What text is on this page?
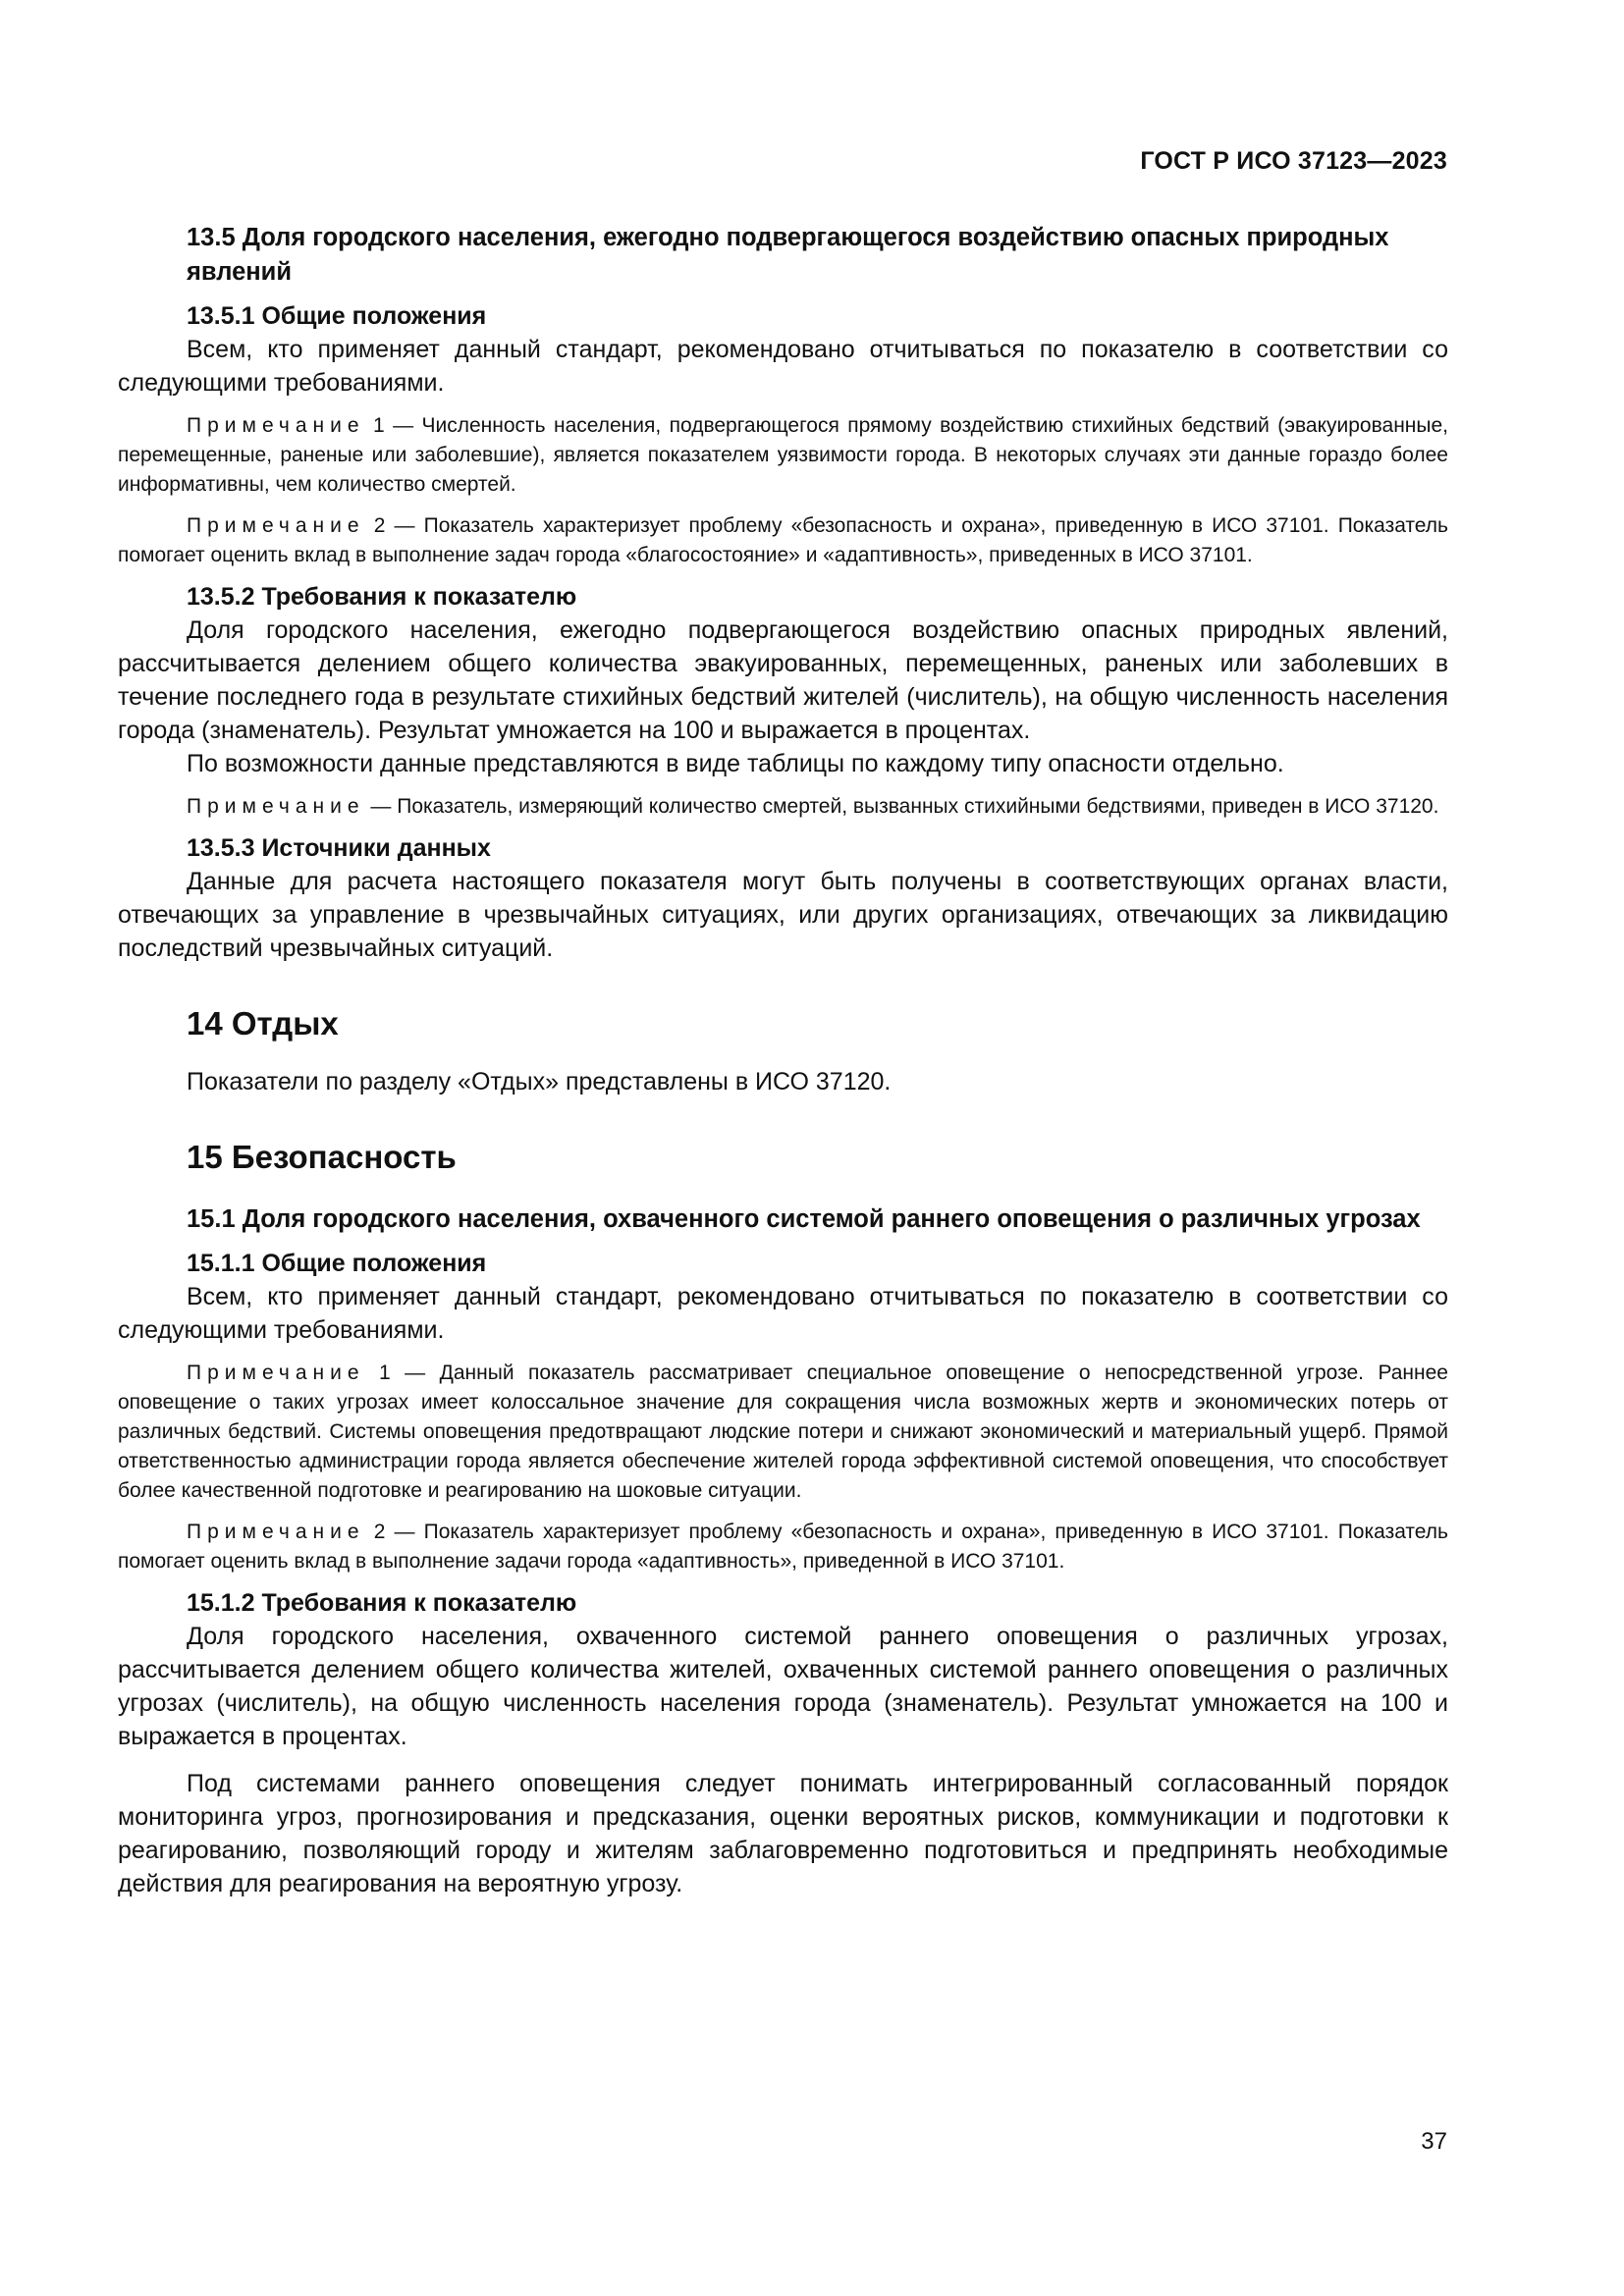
ГОСТ Р ИСО 37123—2023
13.5 Доля городского населения, ежегодно подвергающегося воздействию опасных природных явлений
13.5.1 Общие положения

Всем, кто применяет данный стандарт, рекомендовано отчитываться по показателю в соответствии со следующими требованиями.

Примечание 1 — Численность населения, подвергающегося прямому воздействию стихийных бедствий (эвакуированные, перемещенные, раненые или заболевшие), является показателем уязвимости города. В некоторых случаях эти данные гораздо более информативны, чем количество смертей.

Примечание 2 — Показатель характеризует проблему «безопасность и охрана», приведенную в ИСО 37101. Показатель помогает оценить вклад в выполнение задач города «благосостояние» и «адаптивность», приведенных в ИСО 37101.

13.5.2 Требования к показателю

Доля городского населения, ежегодно подвергающегося воздействию опасных природных явлений, рассчитывается делением общего количества эвакуированных, перемещенных, раненых или заболевших в течение последнего года в результате стихийных бедствий жителей (числитель), на общую численность населения города (знаменатель). Результат умножается на 100 и выражается в процентах.

По возможности данные представляются в виде таблицы по каждому типу опасности отдельно.

Примечание — Показатель, измеряющий количество смертей, вызванных стихийными бедствиями, приведен в ИСО 37120.

13.5.3 Источники данных

Данные для расчета настоящего показателя могут быть получены в соответствующих органах власти, отвечающих за управление в чрезвычайных ситуациях, или других организациях, отвечающих за ликвидацию последствий чрезвычайных ситуаций.

14 Отдых

Показатели по разделу «Отдых» представлены в ИСО 37120.

15 Безопасность
15.1 Доля городского населения, охваченного системой раннего оповещения о различных угрозах
15.1.1 Общие положения

Всем, кто применяет данный стандарт, рекомендовано отчитываться по показателю в соответствии со следующими требованиями.

Примечание 1 — Данный показатель рассматривает специальное оповещение о непосредственной угрозе. Раннее оповещение о таких угрозах имеет колоссальное значение для сокращения числа возможных жертв и экономических потерь от различных бедствий. Системы оповещения предотвращают людские потери и снижают экономический и материальный ущерб. Прямой ответственностью администрации города является обеспечение жителей города эффективной системой оповещения, что способствует более качественной подготовке и реагированию на шоковые ситуации.

Примечание 2 — Показатель характеризует проблему «безопасность и охрана», приведенную в ИСО 37101. Показатель помогает оценить вклад в выполнение задачи города «адаптивность», приведенной в ИСО 37101.

15.1.2 Требования к показателю

Доля городского населения, охваченного системой раннего оповещения о различных угрозах, рассчитывается делением общего количества жителей, охваченных системой раннего оповещения о различных угрозах (числитель), на общую численность населения города (знаменатель). Результат умножается на 100 и выражается в процентах.

Под системами раннего оповещения следует понимать интегрированный согласованный порядок мониторинга угроз, прогнозирования и предсказания, оценки вероятных рисков, коммуникации и подготовки к реагированию, позволяющий городу и жителям заблаговременно подготовиться и предпринять необходимые действия для реагирования на вероятную угрозу.

37
